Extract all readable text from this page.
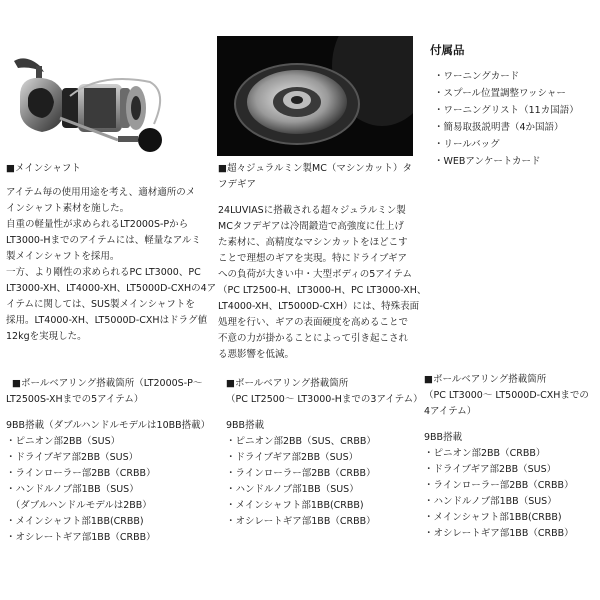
付属品
・ワーニングカード
・スプール位置調整ワッシャー
・ワーニングリスト（11カ国語）
・簡易取扱説明書（4か国語）
・リールバッグ
・WEBアンケートカード
■メインシャフト
アイテム毎の使用用途を考え、適材適所のメ
インシャフト素材を施した。
自重の軽量性が求められるLT2000S-Pから
LT3000-Hまでのアイテムには、軽量なアルミ
製メインシャフトを採用。
一方、より剛性の求められるPC LT3000、PC
LT3000-XH、LT4000-XH、LT5000D-CXHの4ア
イテムに関しては、SUS製メインシャフトを
採用。LT4000-XH、LT5000D-CXHはドラグ値
12kgを実現した。
■超々ジュラルミン製MC（マシンカット）タ
フデギア
24LUVIASに搭載される超々ジュラルミン製
MCタフデギアは冷間鍛造で高強度に仕上げ
た素材に、高精度なマシンカットをほどこす
ことで理想のギアを実現。特にドライブギア
への負荷が大きい中・大型ボディの5アイテム
（PC LT2500-H、LT3000-H、PC LT3000-XH、
LT4000-XH、LT5000D-CXH）には、特殊表面
処理を行い、ギアの表面硬度を高めることで
不意の力が掛かることによって引き起こされ
る悪影響を低減。
■ボールベアリング搭載箇所（LT2000S-P～
LT2500S-XHまでの5アイテム）
9BB搭載（ダブルハンドルモデルは10BB搭載）
・ピニオン部2BB（SUS）
・ドライブギア部2BB（SUS）
・ラインローラー部2BB（CRBB）
・ハンドルノブ部1BB（SUS）
　（ダブルハンドルモデルは2BB）
・メインシャフト部1BB(CRBB)
・オシレートギア部1BB（CRBB）
■ボールベアリング搭載箇所
（PC LT2500～ LT3000-Hまでの3アイテム）
9BB搭載
・ピニオン部2BB（SUS、CRBB）
・ドライブギア部2BB（SUS）
・ラインローラー部2BB（CRBB）
・ハンドルノブ部1BB（SUS）
・メインシャフト部1BB(CRBB)
・オシレートギア部1BB（CRBB）
■ボールベアリング搭載箇所
（PC LT3000～ LT5000D-CXHまでの
4アイテム）
9BB搭載
・ピニオン部2BB（CRBB）
・ドライブギア部2BB（SUS）
・ラインローラー部2BB（CRBB）
・ハンドルノブ部1BB（SUS）
・メインシャフト部1BB(CRBB)
・オシレートギア部1BB（CRBB）
